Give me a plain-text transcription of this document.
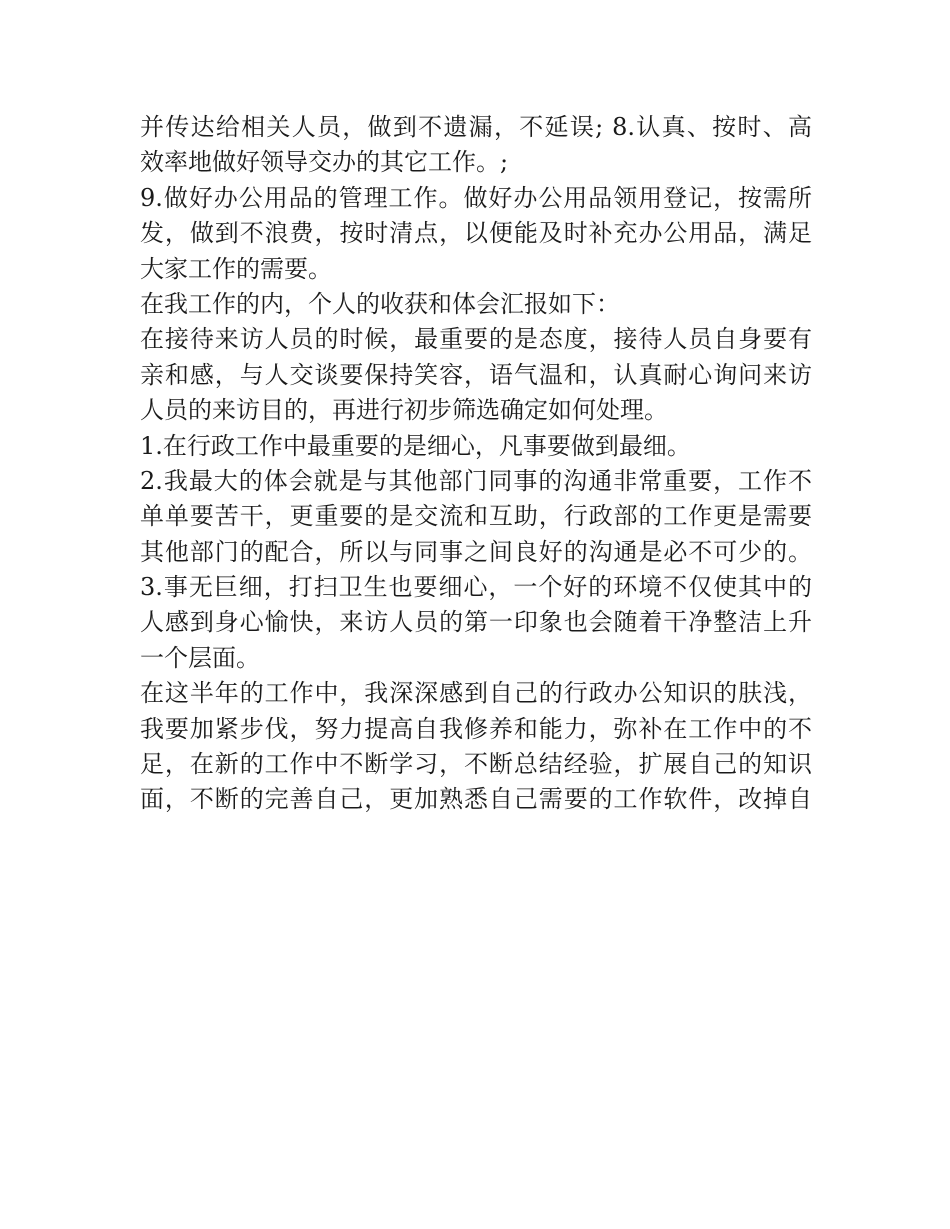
并传达给相关人员，做到不遗漏，不延误; 8.认真、按时、高
效率地做好领导交办的其它工作。;
9.做好办公用品的管理工作。做好办公用品领用登记，按需所
发，做到不浪费，按时清点，以便能及时补充办公用品，满足
大家工作的需要。
在我工作的内，个人的收获和体会汇报如下：
在接待来访人员的时候，最重要的是态度，接待人员自身要有
亲和感，与人交谈要保持笑容，语气温和，认真耐心询问来访
人员的来访目的，再进行初步筛选确定如何处理。
1.在行政工作中最重要的是细心，凡事要做到最细。
2.我最大的体会就是与其他部门同事的沟通非常重要，工作不
单单要苦干，更重要的是交流和互助，行政部的工作更是需要
其他部门的配合，所以与同事之间良好的沟通是必不可少的。
3.事无巨细，打扫卫生也要细心，一个好的环境不仅使其中的
人感到身心愉快，来访人员的第一印象也会随着干净整洁上升
一个层面。
在这半年的工作中，我深深感到自己的行政办公知识的肤浅，
我要加紧步伐，努力提高自我修养和能力，弥补在工作中的不
足，在新的工作中不断学习，不断总结经验，扩展自己的知识
面，不断的完善自己，更加熟悉自己需要的工作软件，改掉自
